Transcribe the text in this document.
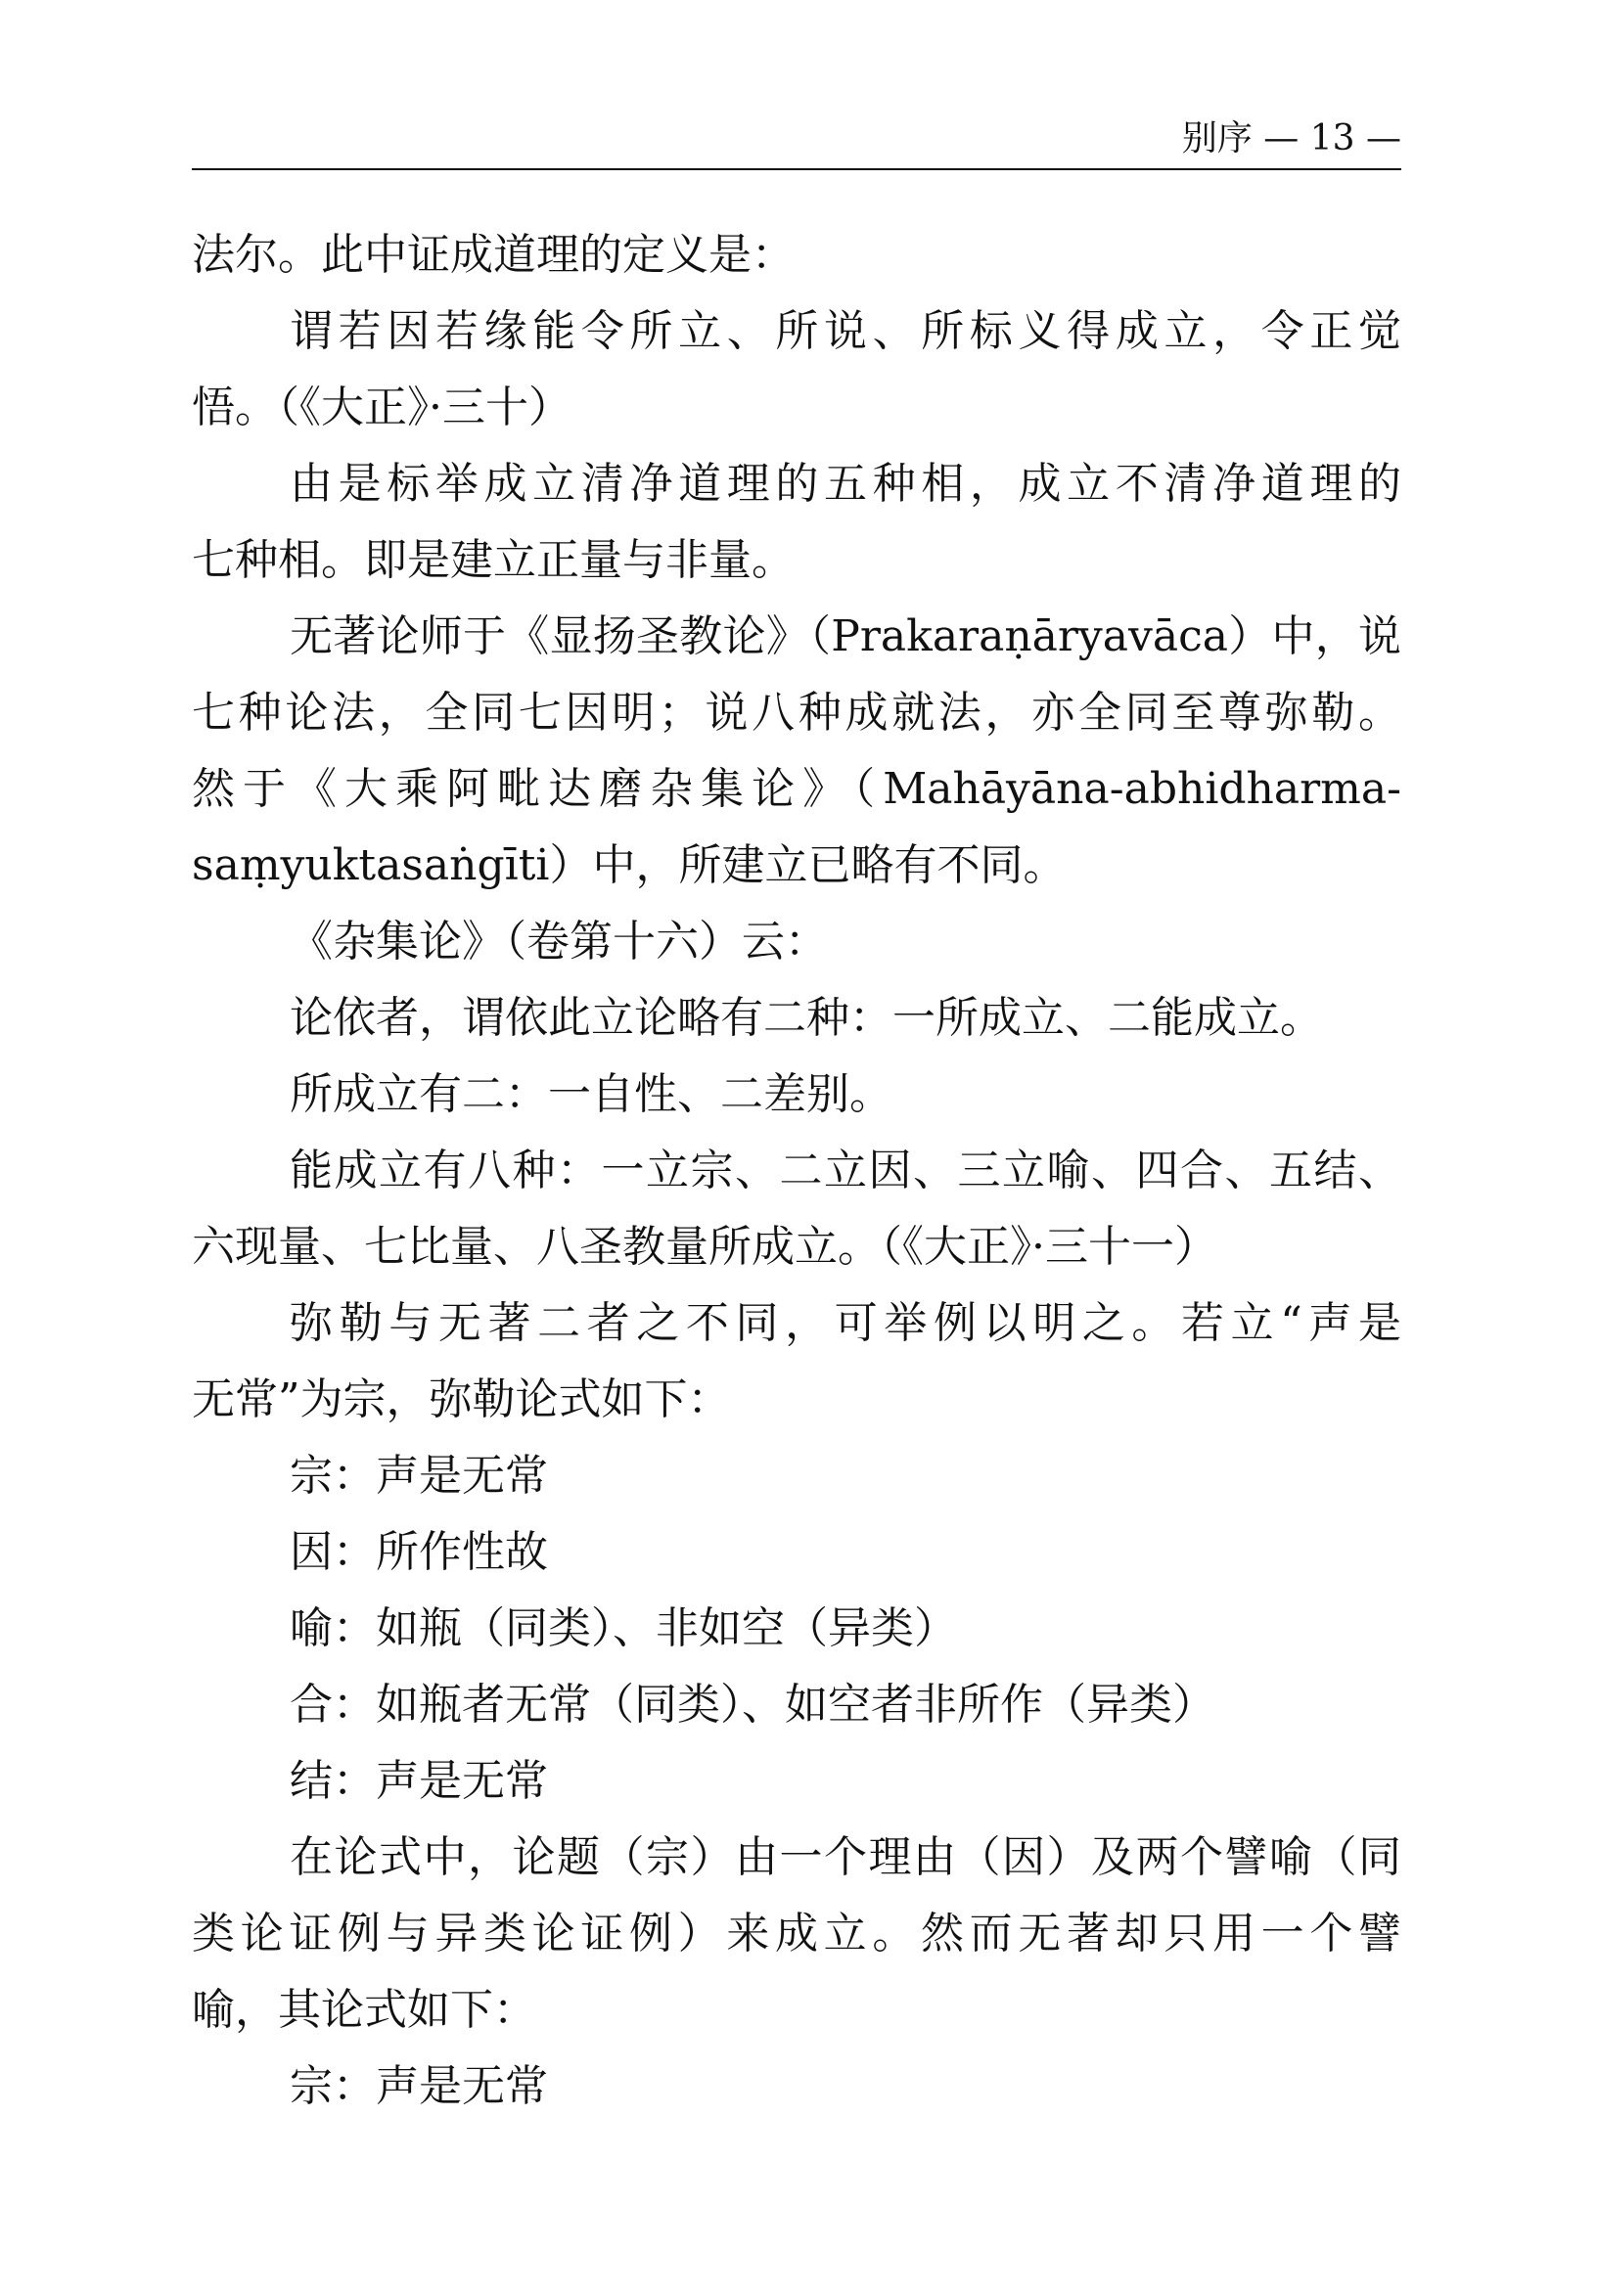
别序 — 13 —
法尔。此中证成道理的定义是：
谓若因若缘能令所立、所说、所标义得成立，令正觉
悟。（《大正》·三十）
由是标举成立清净道理的五种相，成立不清净道理的
七种相。即是建立正量与非量。
无著论师于《显扬圣教论》（Prakaraṇāryavāca）中，说
七种论法，全同七因明；说八种成就法，亦全同至尊弥勒。
然于《大乘阿毗达磨杂集论》（Mahāyāna-abhidharma-
saṃyuktasaṅgīti）中，所建立已略有不同。
《杂集论》（卷第十六）云：
论依者，谓依此立论略有二种：一所成立、二能成立。
所成立有二：一自性、二差别。
能成立有八种：一立宗、二立因、三立喻、四合、五结、
六现量、七比量、八圣教量所成立。（《大正》·三十一）
弥勒与无著二者之不同，可举例以明之。若立“声是
无常”为宗，弥勒论式如下：
宗：声是无常
因：所作性故
喻：如瓶（同类）、非如空（异类）
合：如瓶者无常（同类）、如空者非所作（异类）
结：声是无常
在论式中，论题（宗）由一个理由（因）及两个譬喻（同
类论证例与异类论证例）来成立。然而无著却只用一个譬
喻，其论式如下：
宗：声是无常
